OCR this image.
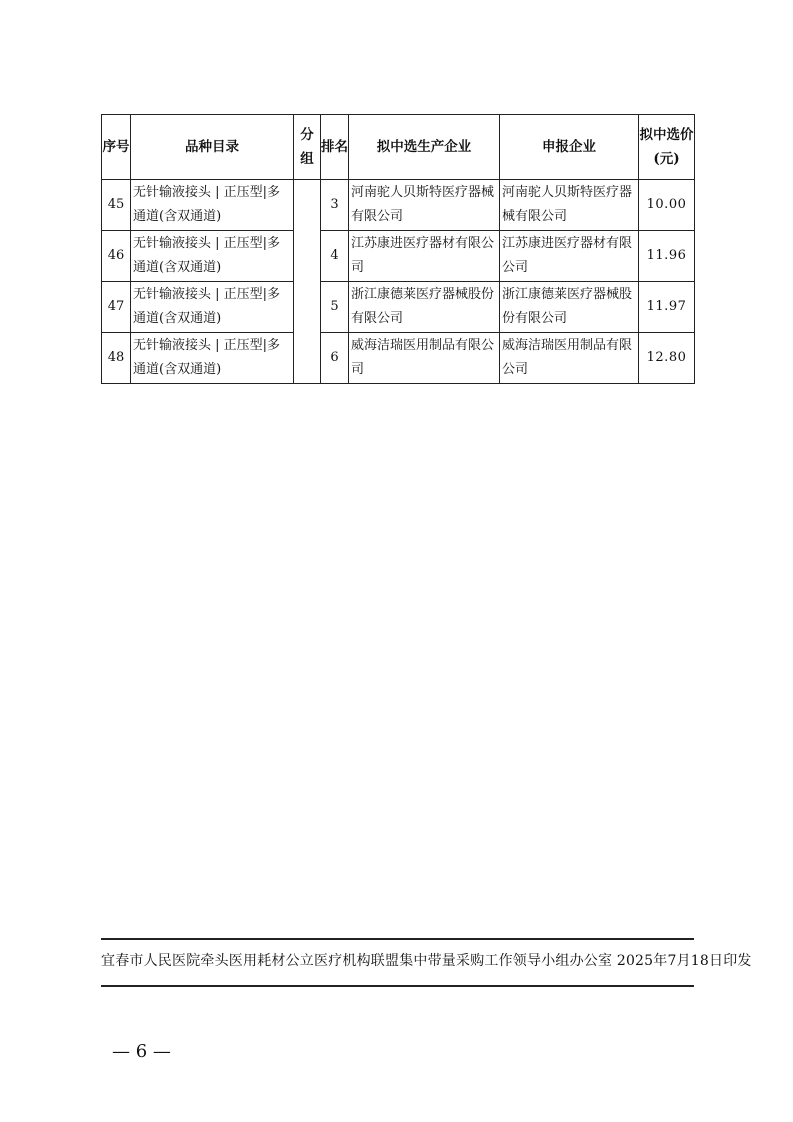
序号	品种目录	分组	排名	拟中选生产企业	申报企业	拟中选价(元)
45	无针输液接头 | 正压型|多通道(含双通道)		3	河南驼人贝斯特医疗器械有限公司	河南驼人贝斯特医疗器械有限公司	10.00
46	无针输液接头 | 正压型|多通道(含双通道)		4	江苏康进医疗器材有限公司	江苏康进医疗器材有限公司	11.96
47	无针输液接头 | 正压型|多通道(含双通道)		5	浙江康德莱医疗器械股份有限公司	浙江康德莱医疗器械股份有限公司	11.97
48	无针输液接头 | 正压型|多通道(含双通道)		6	威海洁瑞医用制品有限公司	威海洁瑞医用制品有限公司	12.80
宜春市人民医院牵头医用耗材公立医疗机构联盟集中带量采购工作领导小组办公室 2025年7月18日印发
— 6 —
